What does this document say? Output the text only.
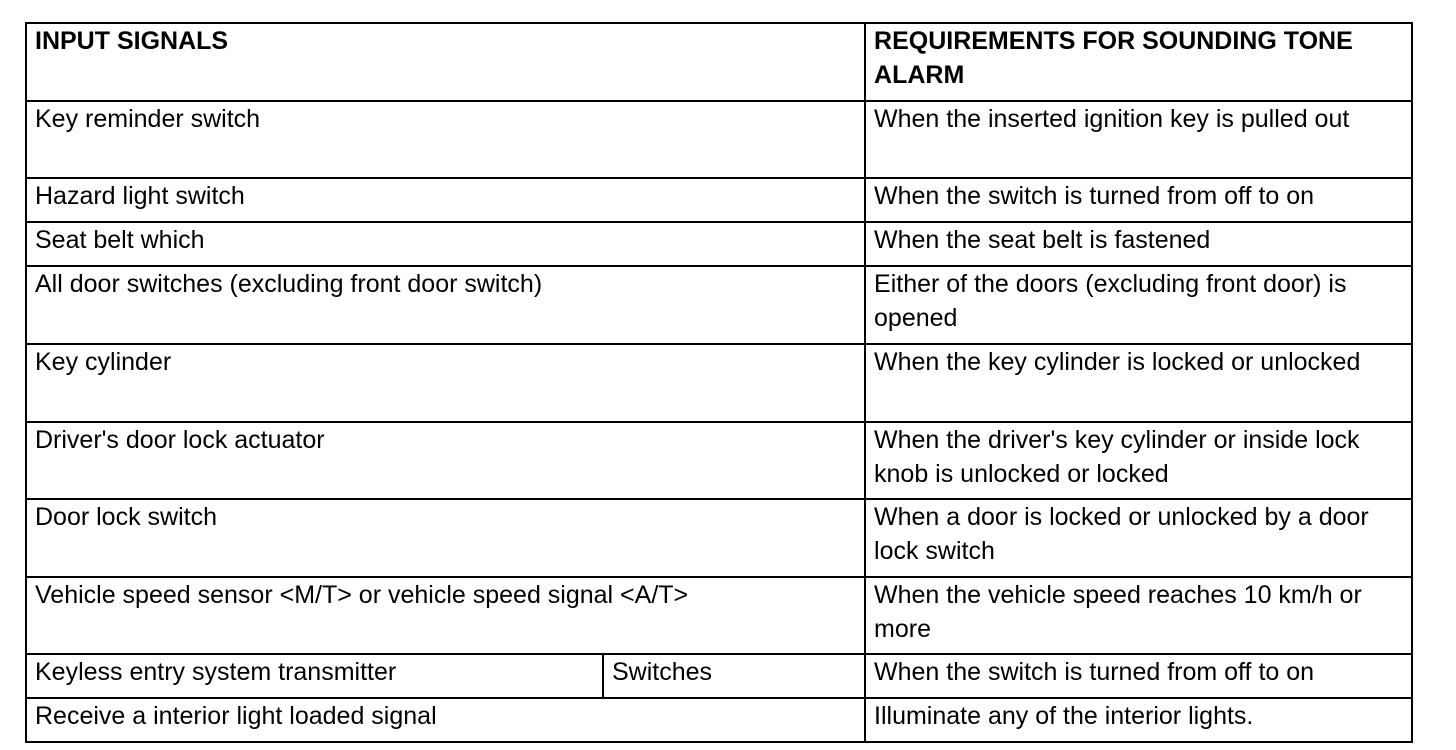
INPUT SIGNALS		REQUIREMENTS FOR SOUNDING TONE ALARM
Key reminder switch		When the inserted ignition key is pulled out
Hazard light switch		When the switch is turned from off to on
Seat belt which		When the seat belt is fastened
All door switches (excluding front door switch)		Either of the doors (excluding front door) is opened
Key cylinder		When the key cylinder is locked or unlocked
Driver's door lock actuator		When the driver's key cylinder or inside lock knob is unlocked or locked
Door lock switch		When a door is locked or unlocked by a door lock switch
Vehicle speed sensor <M/T> or vehicle speed signal <A/T>		When the vehicle speed reaches 10 km/h or more
Keyless entry system transmitter	Switches	When the switch is turned from off to on
Receive a interior light loaded signal		Illuminate any of the interior lights.
